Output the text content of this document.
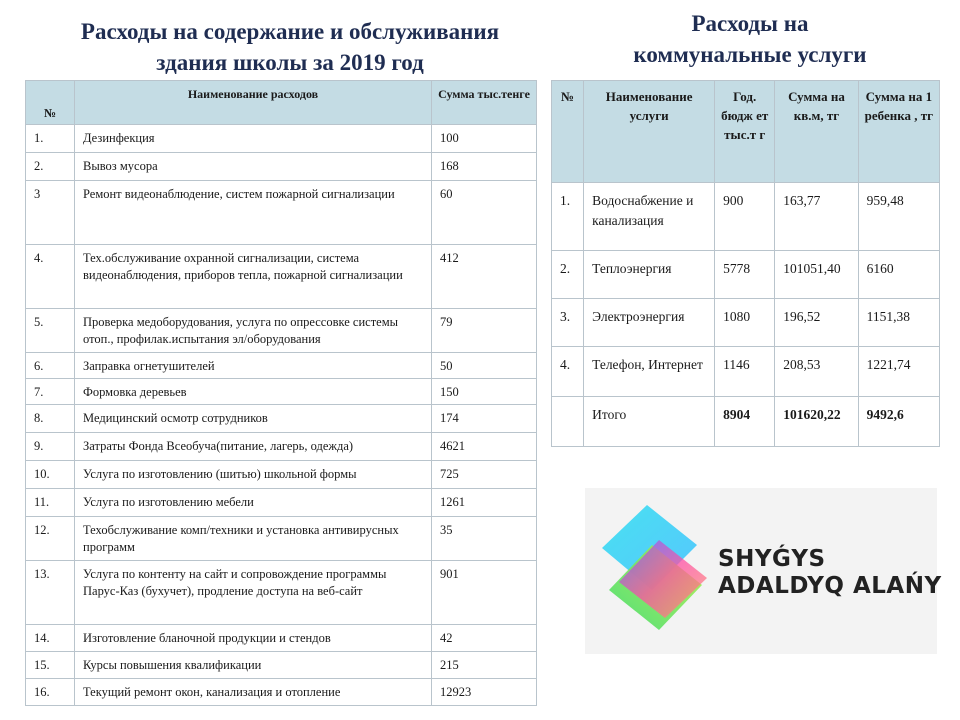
Расходы на содержание и обслуживания
здания школы за 2019 год
Расходы на
коммунальные услуги
№	Наименование расходов	Сумма тыс.тенге
1.	Дезинфекция	100
2.	Вывоз мусора	168
3	Ремонт видеонаблюдение, систем пожарной сигнализации	60
4.	Тех.обслуживание охранной сигнализации, система видеонаблюдения, приборов тепла, пожарной сигнализации	412
5.	Проверка медоборудования, услуга по опрессовке системы отоп., профилак.испытания эл/оборудования	79
6.	Заправка огнетушителей	50
7.	Формовка деревьев	150
8.	Медицинский осмотр сотрудников	174
9.	Затраты Фонда Всеобуча(питание, лагерь, одежда)	4621
10.	Услуга по изготовлению (шитью) школьной формы	725
11.	Услуга по изготовлению мебели	1261
12.	Техобслуживание комп/техники и установка антивирусных программ	35
13.	Услуга по контенту на сайт и сопровождение программы Парус-Каз (бухучет), продление доступа на веб-сайт	901
14.	Изготовление бланочной продукции и стендов	42
15.	Курсы повышения квалификации	215
16.	Текущий ремонт окон, канализация и отопление	12923
№	Наименование услуги	Год. бюдж ет тыс.т г	Сумма на кв.м, тг	Сумма на 1 ребенка , тг
1.	Водоснабжение и канализация	900	163,77	959,48
2.	Теплоэнергия	5778	101051,40	6160
3.	Электроэнергия	1080	196,52	1151,38
4.	Телефон, Интернет	1146	208,53	1221,74
	Итого	8904	101620,22	9492,6
SHYǴYS
ADALDYQ ALAŃY
